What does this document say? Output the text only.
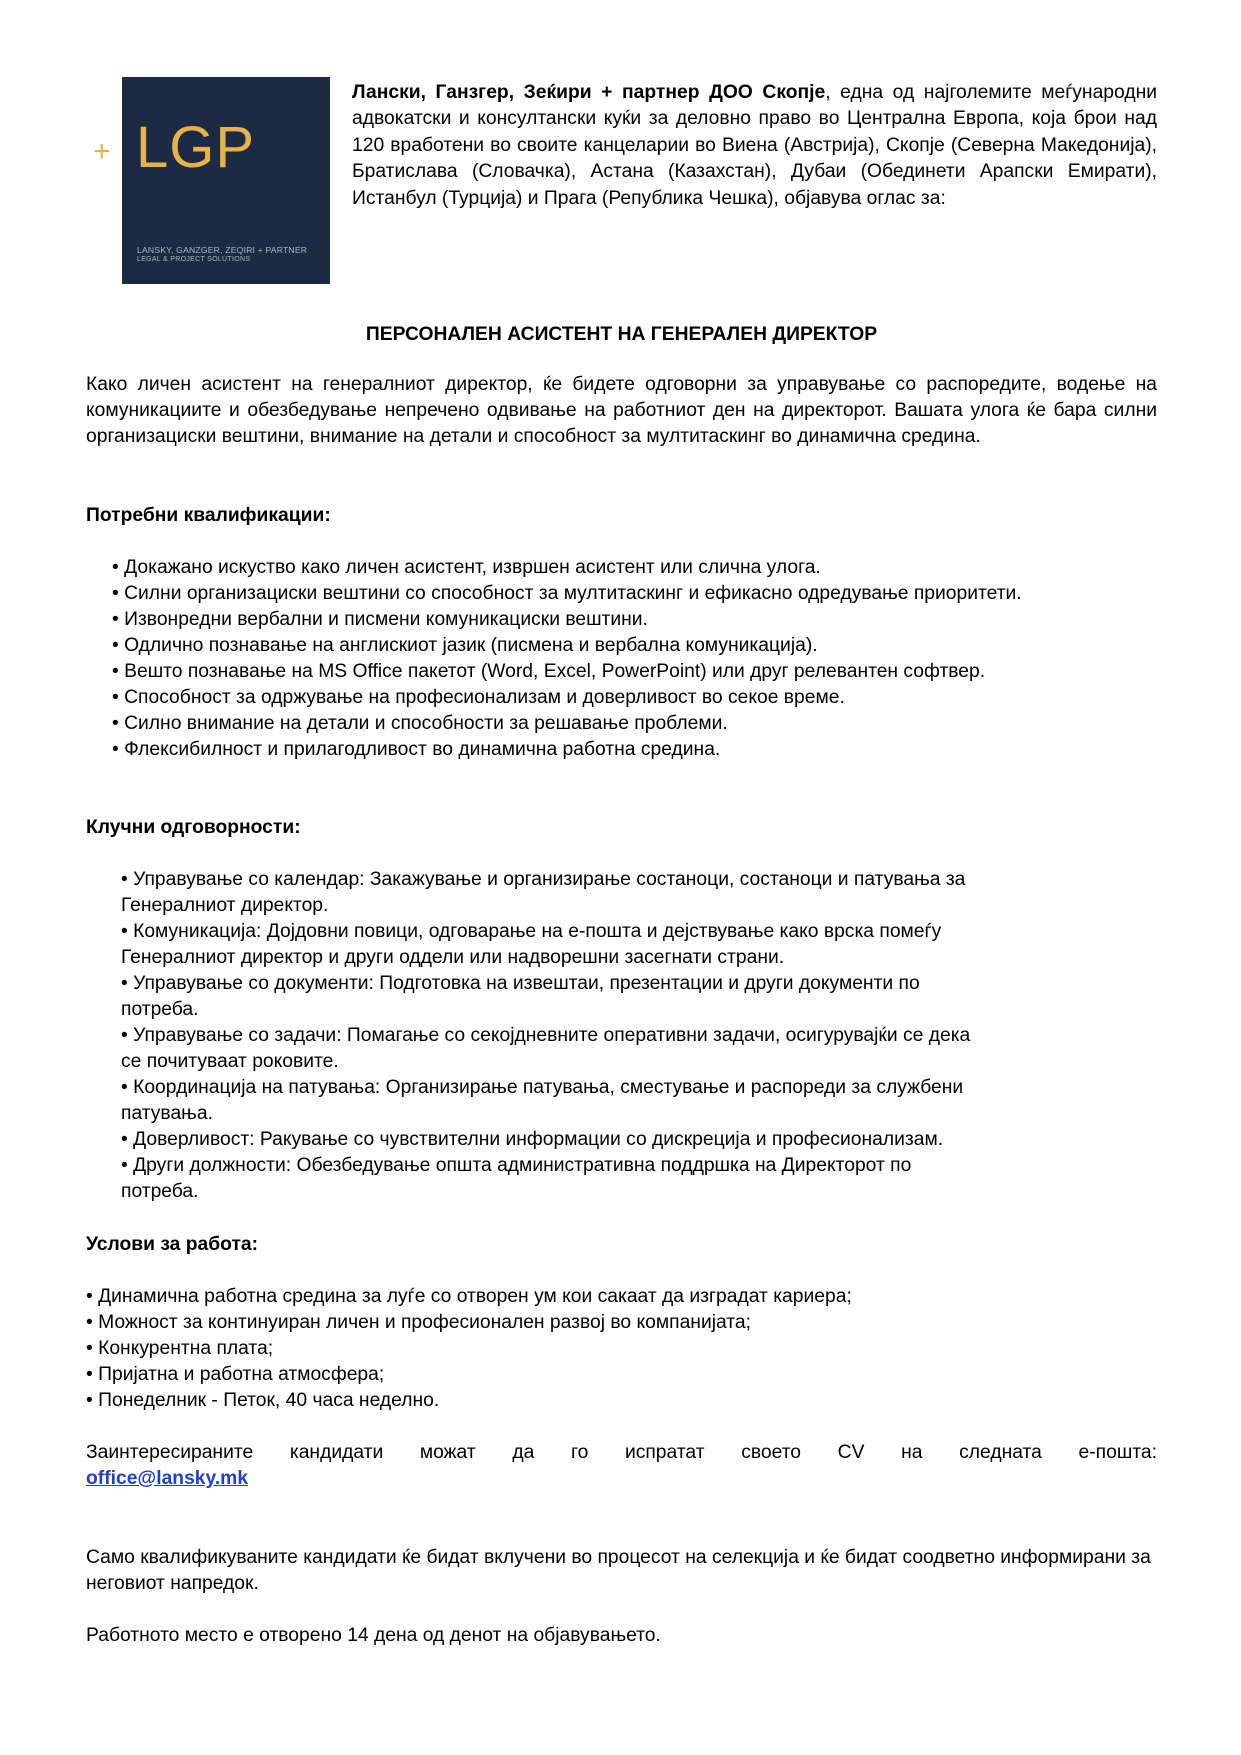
+ LGP
LANSKY, GANZGER, ZEQIRI + PARTNER
LEGAL & PROJECT SOLUTIONS
Лански, Ганзгер, Зеќири + партнер ДОО Скопје, една од најголемите меѓународни адвокатски и консултански куќи за деловно право во Централна Европа, која брои над 120 вработени во своите канцеларии во Виена (Австрија), Скопје (Северна Македонија), Братислава (Словачка), Астана (Казахстан), Дубаи (Обединети Арапски Емирати), Истанбул (Турција) и Прага (Република Чешка), објавува оглас за:
ПЕРСОНАЛЕН АСИСТЕНТ НА ГЕНЕРАЛЕН ДИРЕКТОР
Како личен асистент на генералниот директор, ќе бидете одговорни за управување со распоредите, водење на комуникациите и обезбедување непречено одвивање на работниот ден на директорот. Вашата улога ќе бара силни организациски вештини, внимание на детали и способност за мултитаскинг во динамична средина.
Потребни квалификации:
• Докажано искуство како личен асистент, извршен асистент или слична улога.
• Силни организациски вештини со способност за мултитаскинг и ефикасно одредување приоритети.
• Извонредни вербални и писмени комуникациски вештини.
• Одлично познавање на англискиот јазик (писмена и вербална комуникација).
• Вешто познавање на MS Office пакетот (Word, Excel, PowerPoint) или друг релевантен софтвер.
• Способност за одржување на професионализам и доверливост во секое време.
• Силно внимание на детали и способности за решавање проблеми.
• Флексибилност и прилагодливост во динамична работна средина.
Клучни одговорности:
• Управување со календар: Закажување и организирање состаноци, состаноци и патувања за
Генералниот директор.
• Комуникација: Дојдовни повици, одговарање на е-пошта и дејствување како врска помеѓу
Генералниот директор и други оддели или надворешни засегнати страни.
• Управување со документи: Подготовка на извештаи, презентации и други документи по
потреба.
• Управување со задачи: Помагање со секојдневните оперативни задачи, осигурувајќи се дека
се почитуваат роковите.
• Координација на патувања: Организирање патувања, сместување и распореди за службени
патувања.
• Доверливост: Ракување со чувствителни информации со дискреција и професионализам.
• Други должности: Обезбедување општа административна поддршка на Директорот по
потреба.
Услови за работа:
• Динамична работна средина за луѓе со отворен ум кои сакаат да изградат кариера;
• Можност за континуиран личен и професионален развој во компанијата;
• Конкурентна плата;
• Пријатна и работна атмосфера;
• Понеделник - Петок, 40 часа неделно.
Заинтересираните кандидати можат да го испратат своето CV на следната е-пошта:
office@lansky.mk
Само квалификуваните кандидати ќе бидат вклучени во процесот на селекција и ќе бидат соодветно информирани за неговиот напредок.
Работното место е отворено 14 дена од денот на објавувањето.
